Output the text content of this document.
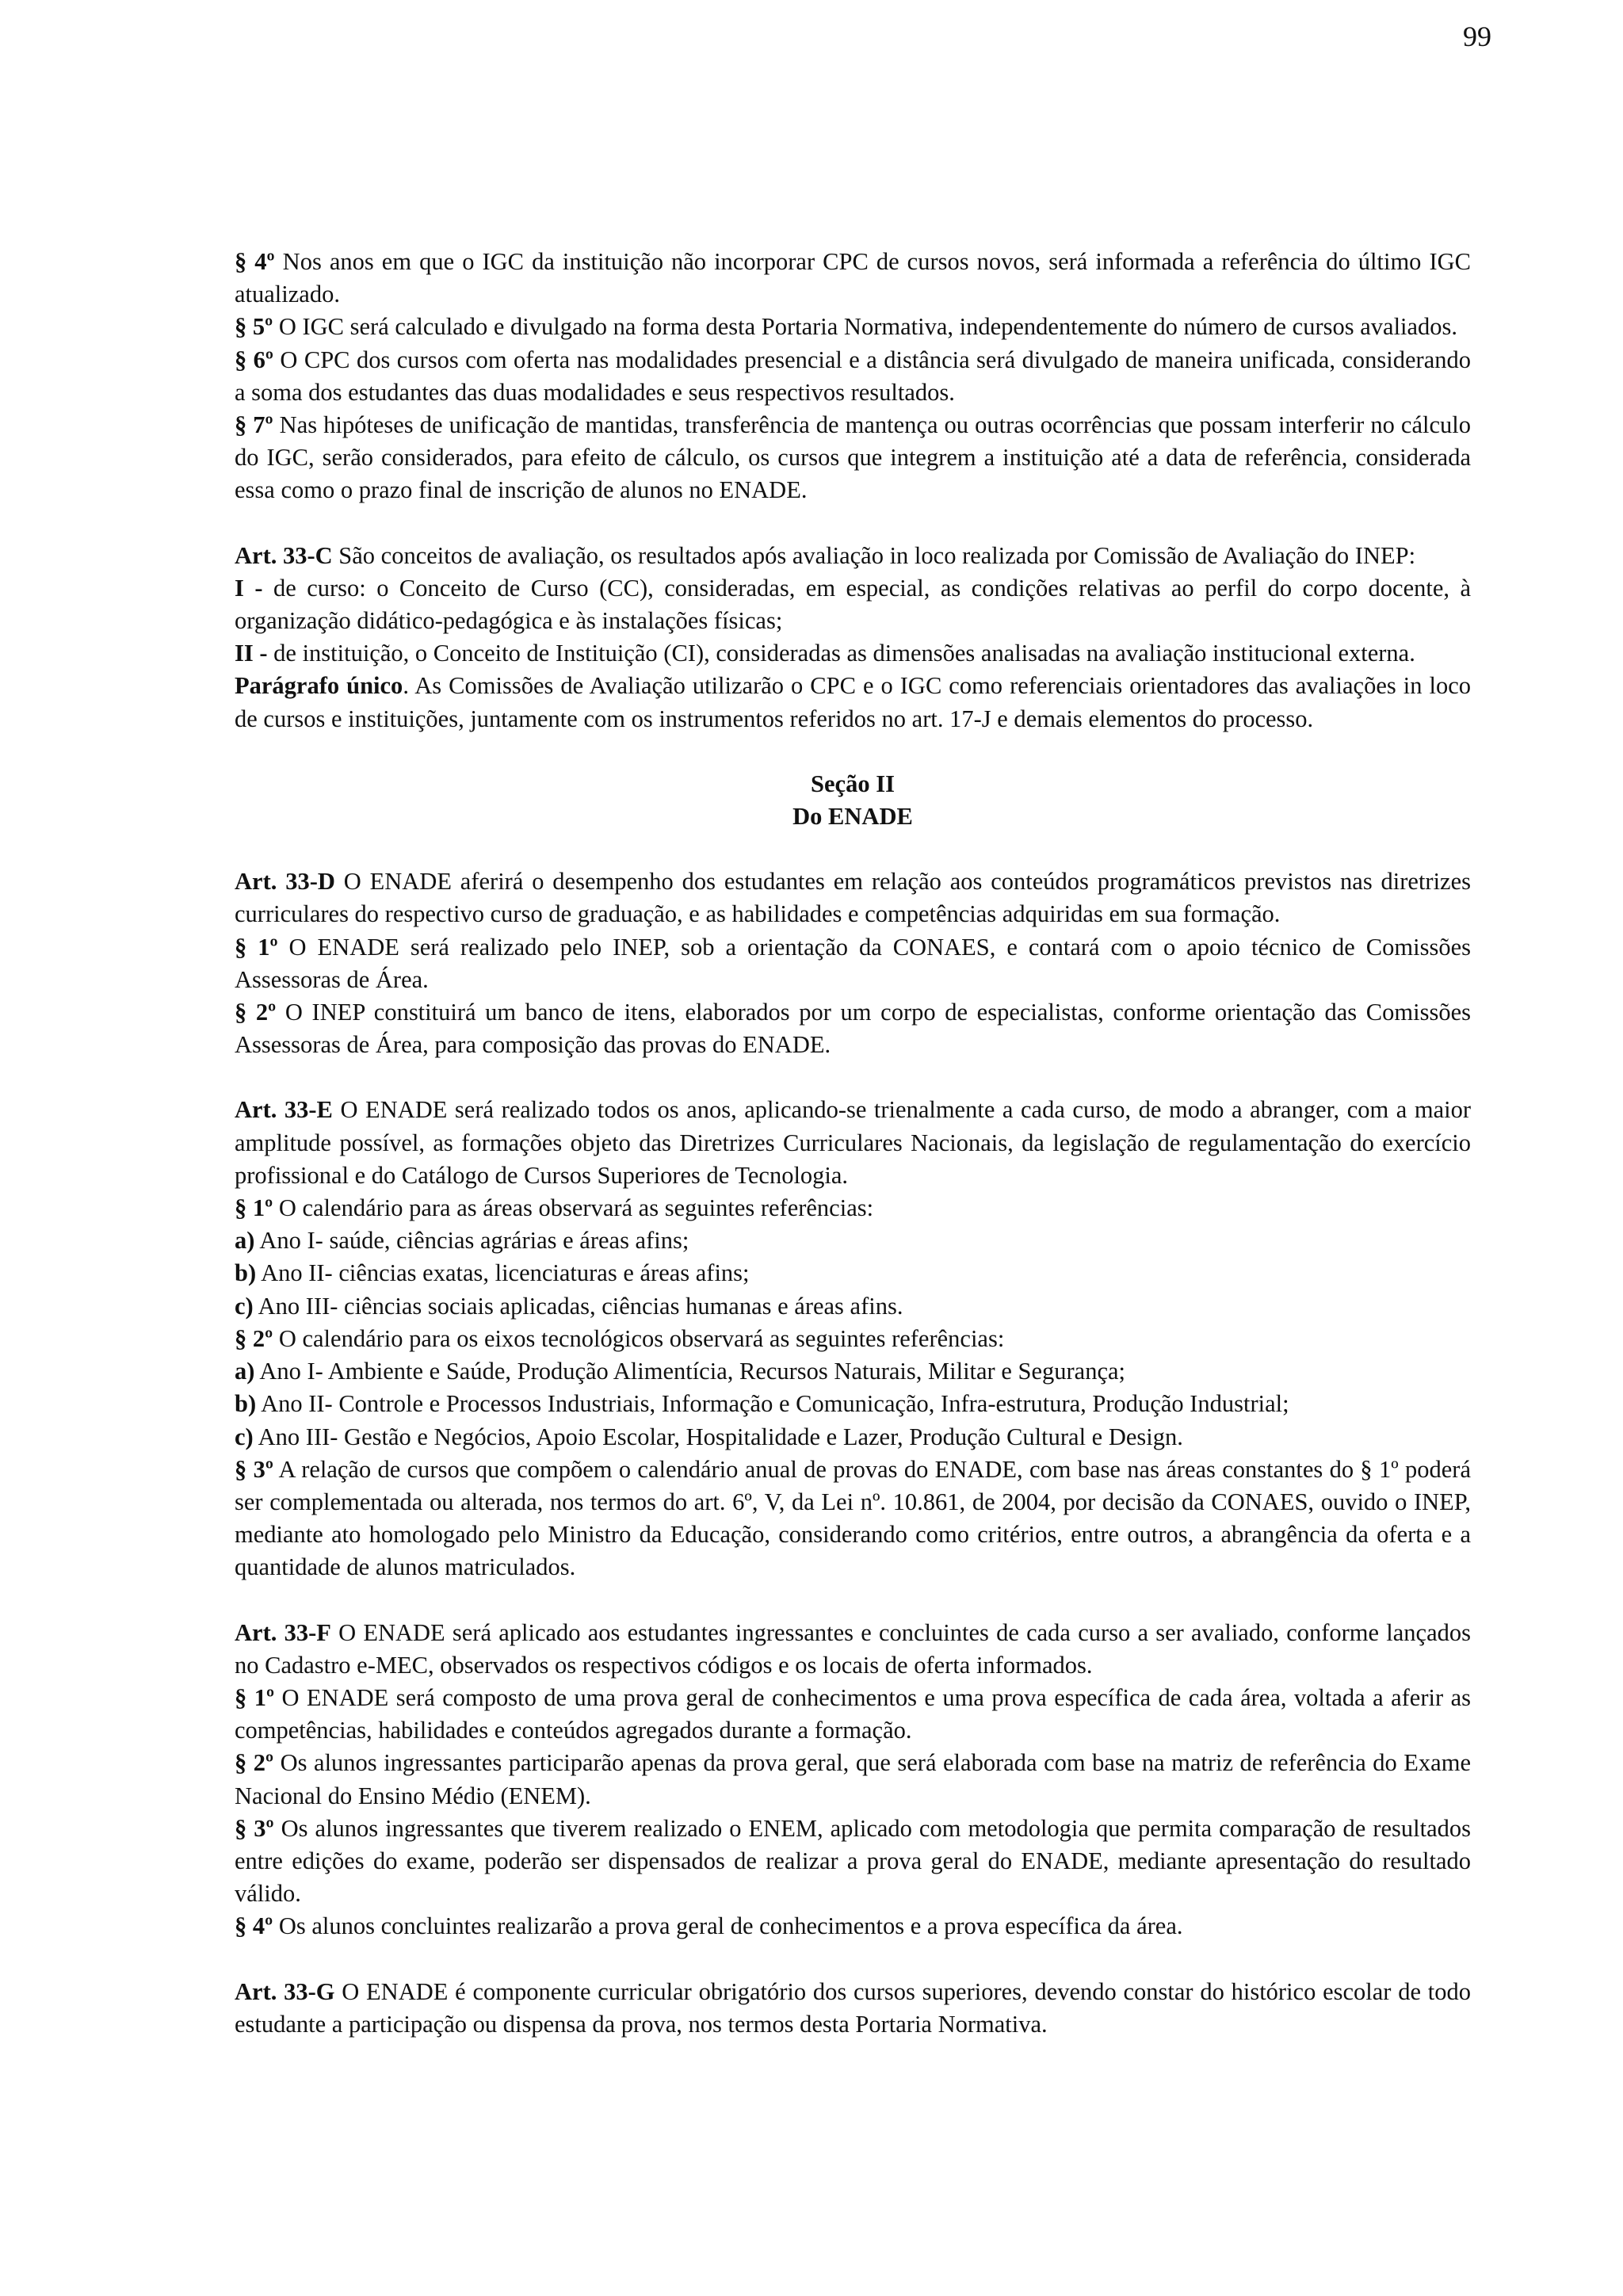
99

§ 4º Nos anos em que o IGC da instituição não incorporar CPC de cursos novos, será informada a referência do último IGC atualizado.

§ 5º O IGC será calculado e divulgado na forma desta Portaria Normativa, independentemente do número de cursos avaliados.

§ 6º O CPC dos cursos com oferta nas modalidades presencial e a distância será divulgado de maneira unificada, considerando a soma dos estudantes das duas modalidades e seus respectivos resultados.

§ 7º Nas hipóteses de unificação de mantidas, transferência de mantença ou outras ocorrências que possam interferir no cálculo do IGC, serão considerados, para efeito de cálculo, os cursos que integrem a instituição até a data de referência, considerada essa como o prazo final de inscrição de alunos no ENADE.

Art. 33-C São conceitos de avaliação, os resultados após avaliação in loco realizada por Comissão de Avaliação do INEP:

I - de curso: o Conceito de Curso (CC), consideradas, em especial, as condições relativas ao perfil do corpo docente, à organização didático-pedagógica e às instalações físicas;

II - de instituição, o Conceito de Instituição (CI), consideradas as dimensões analisadas na avaliação institucional externa.

Parágrafo único. As Comissões de Avaliação utilizarão o CPC e o IGC como referenciais orientadores das avaliações in loco de cursos e instituições, juntamente com os instrumentos referidos no art. 17-J e demais elementos do processo.

Seção II

Do ENADE

Art. 33-D O ENADE aferirá o desempenho dos estudantes em relação aos conteúdos programáticos previstos nas diretrizes curriculares do respectivo curso de graduação, e as habilidades e competências adquiridas em sua formação.

§ 1º O ENADE será realizado pelo INEP, sob a orientação da CONAES, e contará com o apoio técnico de Comissões Assessoras de Área.

§ 2º O INEP constituirá um banco de itens, elaborados por um corpo de especialistas, conforme orientação das Comissões Assessoras de Área, para composição das provas do ENADE.

Art. 33-E O ENADE será realizado todos os anos, aplicando-se trienalmente a cada curso, de modo a abranger, com a maior amplitude possível, as formações objeto das Diretrizes Curriculares Nacionais, da legislação de regulamentação do exercício profissional e do Catálogo de Cursos Superiores de Tecnologia.

§ 1º O calendário para as áreas observará as seguintes referências:

a) Ano I- saúde, ciências agrárias e áreas afins;

b) Ano II- ciências exatas, licenciaturas e áreas afins;

c) Ano III- ciências sociais aplicadas, ciências humanas e áreas afins.

§ 2º O calendário para os eixos tecnológicos observará as seguintes referências:

a) Ano I- Ambiente e Saúde, Produção Alimentícia, Recursos Naturais, Militar e Segurança;

b) Ano II- Controle e Processos Industriais, Informação e Comunicação, Infra-estrutura, Produção Industrial;

c) Ano III- Gestão e Negócios, Apoio Escolar, Hospitalidade e Lazer, Produção Cultural e Design.

§ 3º A relação de cursos que compõem o calendário anual de provas do ENADE, com base nas áreas constantes do § 1º poderá ser complementada ou alterada, nos termos do art. 6º, V, da Lei nº. 10.861, de 2004, por decisão da CONAES, ouvido o INEP, mediante ato homologado pelo Ministro da Educação, considerando como critérios, entre outros, a abrangência da oferta e a quantidade de alunos matriculados.

Art. 33-F O ENADE será aplicado aos estudantes ingressantes e concluintes de cada curso a ser avaliado, conforme lançados no Cadastro e-MEC, observados os respectivos códigos e os locais de oferta informados.

§ 1º O ENADE será composto de uma prova geral de conhecimentos e uma prova específica de cada área, voltada a aferir as competências, habilidades e conteúdos agregados durante a formação.

§ 2º Os alunos ingressantes participarão apenas da prova geral, que será elaborada com base na matriz de referência do Exame Nacional do Ensino Médio (ENEM).

§ 3º Os alunos ingressantes que tiverem realizado o ENEM, aplicado com metodologia que permita comparação de resultados entre edições do exame, poderão ser dispensados de realizar a prova geral do ENADE, mediante apresentação do resultado válido.

§ 4º Os alunos concluintes realizarão a prova geral de conhecimentos e a prova específica da área.

Art. 33-G O ENADE é componente curricular obrigatório dos cursos superiores, devendo constar do histórico escolar de todo estudante a participação ou dispensa da prova, nos termos desta Portaria Normativa.
